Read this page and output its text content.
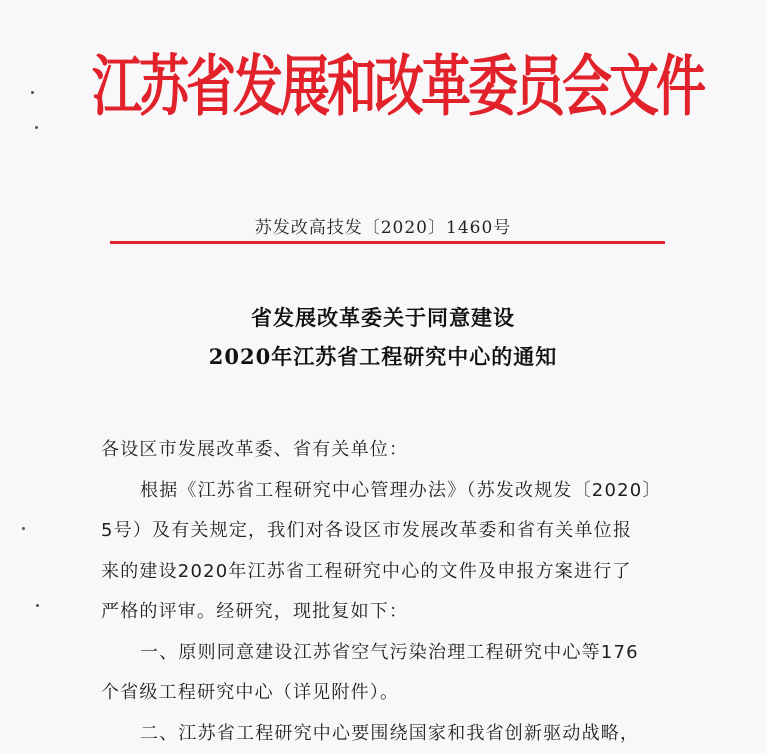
江苏省发展和改革委员会文件
苏发改高技发〔2020〕1460号
省发展改革委关于同意建设
2020年江苏省工程研究中心的通知
各设区市发展改革委、省有关单位：
根据《江苏省工程研究中心管理办法》（苏发改规发〔2020〕
5号）及有关规定，我们对各设区市发展改革委和省有关单位报
来的建设2020年江苏省工程研究中心的文件及申报方案进行了
严格的评审。经研究，现批复如下：
一、原则同意建设江苏省空气污染治理工程研究中心等176
个省级工程研究中心（详见附件）。
二、江苏省工程研究中心要围绕国家和我省创新驱动战略，
